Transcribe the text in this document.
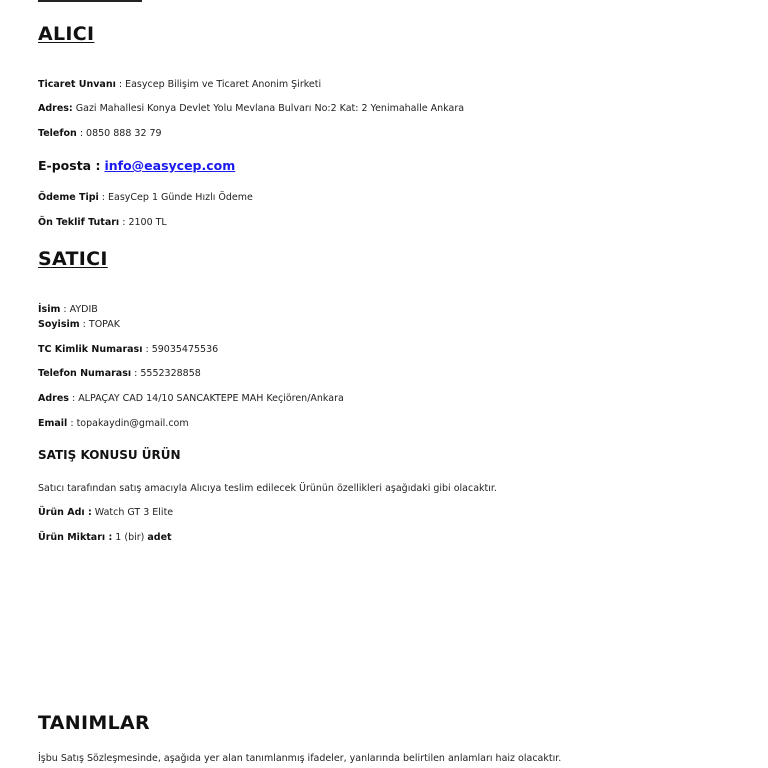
ALICI
Ticaret Unvanı : Easycep Bilişim ve Ticaret Anonim Şirketi
Adres: Gazi Mahallesi Konya Devlet Yolu Mevlana Bulvarı No:2 Kat: 2 Yenimahalle Ankara
Telefon : 0850 888 32 79
E-posta : info@easycep.com
Ödeme Tipi : EasyCep 1 Günde Hızlı Ödeme
Ön Teklif Tutarı : 2100 TL
SATICI
İsim : AYDIB
Soyisim : TOPAK
TC Kimlik Numarası : 59035475536
Telefon Numarası : 5552328858
Adres : ALPAÇAY CAD 14/10 SANCAKTEPE MAH Keçiören/Ankara
Email : topakaydin@gmail.com
SATIŞ KONUSU ÜRÜN
Satıcı tarafından satış amacıyla Alıcıya teslim edilecek Ürünün özellikleri aşağıdaki gibi olacaktır.
Ürün Adı : Watch GT 3 Elite
Ürün Miktarı : 1 (bir) adet
TANIMLAR
İşbu Satış Sözleşmesinde, aşağıda yer alan tanımlanmış ifadeler, yanlarında belirtilen anlamları haiz olacaktır.
